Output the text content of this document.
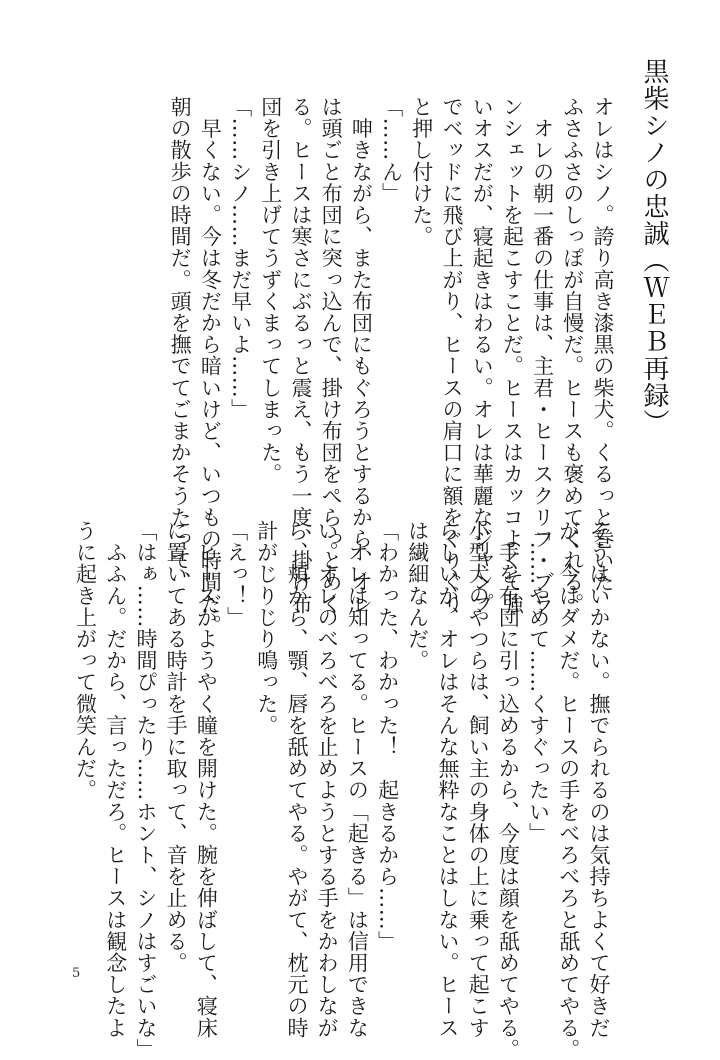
黒柴シノの忠誠（ＷＥＢ再録）
オレはシノ。誇り高き漆黒の柴犬。くるっと巻いた
ふさふさのしっぽが自慢だ。ヒースも褒めてくれる。
　オレの朝一番の仕事は、主君・ヒースクリフ・ブラ
ンシェットを起こすことだ。ヒースはカッコよくて強
いオスだが、寝起きはわるい。オレは華麗なジャンプ
でベッドに飛び上がり、ヒースの肩口に額をぐりぐり
と押し付けた。
「……ん」
　呻きながら、また布団にもぐろうとするから、オレ
は頭ごと布団に突っ込んで、掛け布団をぺらっとめく
る。ヒースは寒さにぶるっと震え、もう一度、掛け布
団を引き上げてうずくまってしまった。
「……シノ……まだ早いよ……」
　早くない。今は冬だから暗いけど、いつもの時間だ。
朝の散歩の時間だ。頭を撫でてごまかそうたって、
そうはいかない。撫でられるのは気持ちよくて好きだ
が、今はダメだ。ヒースの手をべろべろと舐めてやる。
「……やめて……くすぐったい」
　手を布団に引っ込めるから、今度は顔を舐めてやる。
小型犬のやつらは、飼い主の身体の上に乗って起こす
らしいが、オレはそんな無粋なことはしない。ヒース
は繊細なんだ。
「わかった、わかった！　起きるから……」
　オレは知ってる。ヒースの「起きる」は信用できな
い。オレのべろべろを止めようとする手をかわしなが
ら、頬から、顎、唇を舐めてやる。やがて、枕元の時
計がじりじり鳴った。
「えっ！」
　ヒースがようやく瞳を開けた。腕を伸ばして、寝床
に置いてある時計を手に取って、音を止める。
「はぁ……時間ぴったり……ホント、シノはすごいな」
　ふふん。だから、言っただろ。ヒースは観念したよ
うに起き上がって微笑んだ。
5
